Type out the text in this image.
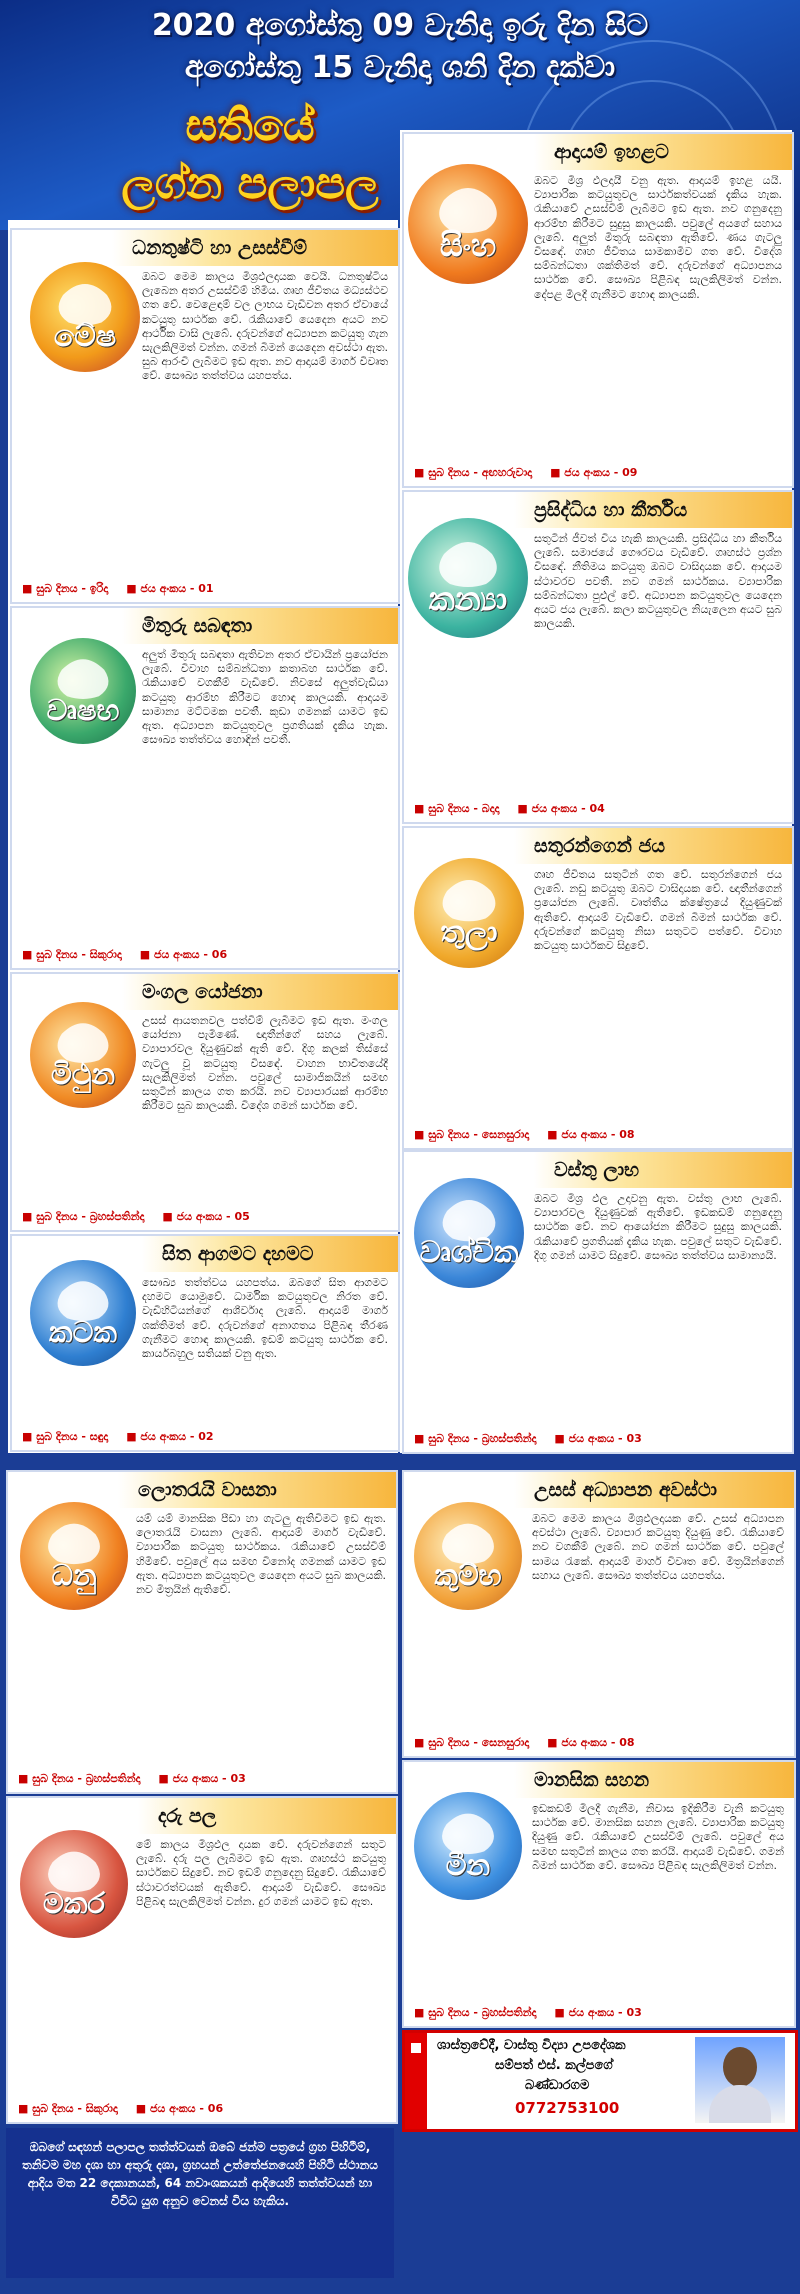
2020 අගෝස්තු 09 වැනිදා ඉරු දින සිට
අගෝස්තු 15 වැනිදා ශනි දින දක්වා
සතියේ
ලග්න පලාපල
ධනතුෂ්ටි හා උසස්වීම්
මේෂ
ඔබට මෙම කාලය මිශ්‍රඵලදායක වෙයි. ධනතුෂ්ටිය ලැබෙන අතර උසස්වීම් හිමිය. ගෘහ ජීවිතය මධ්‍යස්ථව ගත වේ. වෙළෙඳාම් වල ලාභය වැඩිවන අතර ඒවායේ කටයුතු සාර්ථක වේ. රැකියාවේ යෙදෙන අයට නව ආර්ථික වාසි ලැබේ. දරුවන්ගේ අධ්‍යාපන කටයුතු ගැන සැලකිලිමත් වන්න. ගමන් බිමන් යෙදෙන අවස්ථා ඇත. සුබ ආරංචි ලැබීමට ඉඩ ඇත. නව ආදායම් මාර්ග විවෘත වේ. සෞඛ්‍ය තත්ත්වය යහපත්ය.
■ සුබ දිනය - ඉරිදා ■ ජය අංකය - 01
මිතුරු සබඳතා
වෘෂභ
අලුත් මිතුරු සබඳතා ඇතිවන අතර ඒවායින් ප්‍රයෝජන ලැබේ. විවාහ සම්බන්ධතා කතාබහ සාර්ථක වේ. රැකියාවේ වගකීම් වැඩිවේ. නිවසේ අලුත්වැඩියා කටයුතු ආරම්භ කිරීමට හොඳ කාලයකි. ආදායම සාමාන්‍ය මට්ටමක පවතී. කුඩා ගමනක් යාමට ඉඩ ඇත. අධ්‍යාපන කටයුතුවල ප්‍රගතියක් දැකිය හැක. සෞඛ්‍ය තත්ත්වය හොඳින් පවතී.
■ සුබ දිනය - සිකුරාදා ■ ජය අංකය - 06
මංගල යෝජනා
මිථුන
උසස් ආයතනවල පත්වීම් ලැබීමට ඉඩ ඇත. මංගල යෝජනා පැමිණේ. ඥාතීන්ගේ සහය ලැබේ. ව්‍යාපාරවල දියුණුවක් ඇති වේ. දිගු කලක් තිස්සේ ගැටලු වූ කටයුතු විසඳේ. වාහන භාවිතයේදී සැලකිලිමත් වන්න. පවුලේ සාමාජිකයින් සමඟ සතුටින් කාලය ගත කරයි. නව ව්‍යාපාරයක් ආරම්භ කිරීමට සුබ කාලයකි. විදේශ ගමන් සාර්ථක වේ.
■ සුබ දිනය - බ්‍රහස්පතින්දා ■ ජය අංකය - 05
සිත ආගමට දහමට
කටක
සෞඛ්‍ය තත්ත්වය යහපත්ය. ඔබගේ සිත ආගමට දහමට යොමුවේ. ධාර්මික කටයුතුවල නිරත වේ. වැඩිහිටියන්ගේ ආශීර්වාද ලැබේ. ආදායම් මාර්ග ශක්තිමත් වේ. දරුවන්ගේ අනාගතය පිළිබඳ තීරණ ගැනීමට හොඳ කාලයකි. ඉඩම් කටයුතු සාර්ථක වේ. කාර්යබහුල සතියක් වනු ඇත.
■ සුබ දිනය - සඳුදා ■ ජය අංකය - 02
ආදායම් ඉහළට
සිංහ
ඔබට මිශ්‍ර ඵලදායී වනු ඇත. ආදායම් ඉහළ යයි. ව්‍යාපාරික කටයුතුවල සාර්ථකත්වයක් දැකිය හැක. රැකියාවේ උසස්වීම් ලැබීමට ඉඩ ඇත. නව ගනුදෙනු ආරම්භ කිරීමට සුදුසු කාලයකි. පවුලේ අයගේ සහාය ලැබේ. අලුත් මිතුරු සබඳතා ඇතිවේ. ණය ගැටලු විසඳේ. ගෘහ ජීවිතය සාමකාමීව ගත වේ. විදේශ සම්බන්ධතා ශක්තිමත් වේ. දරුවන්ගේ අධ්‍යාපනය සාර්ථක වේ. සෞඛ්‍ය පිළිබඳ සැලකිලිමත් වන්න. දේපළ මිලදී ගැනීමට හොඳ කාලයකි.
■ සුබ දිනය - අඟහරුවාදා ■ ජය අංකය - 09
ප්‍රසිද්ධිය හා කීර්තිය
කන්‍යා
සතුටින් ජීවත් විය හැකි කාලයකි. ප්‍රසිද්ධිය හා කීර්තිය ලැබේ. සමාජයේ ගෞරවය වැඩිවේ. ගෘහස්ථ ප්‍රශ්න විසඳේ. නීතිමය කටයුතු ඔබට වාසිදායක වේ. ආදායම ස්ථාවරව පවතී. නව ගමන් සාර්ථකය. ව්‍යාපාරික සම්බන්ධතා පුළුල් වේ. අධ්‍යාපන කටයුතුවල යෙදෙන අයට ජය ලැබේ. කලා කටයුතුවල නියැලෙන අයට සුබ කාලයකි.
■ සුබ දිනය - බදාදා ■ ජය අංකය - 04
සතුරන්ගෙන් ජය
තුලා
ගෘහ ජීවිතය සතුටින් ගත වේ. සතුරන්ගෙන් ජය ලැබේ. නඩු කටයුතු ඔබට වාසිදායක වේ. ඥාතීන්ගෙන් ප්‍රයෝජන ලැබේ. වෘත්තීය ක්ෂේත්‍රයේ දියුණුවක් ඇතිවේ. ආදායම් වැඩිවේ. ගමන් බිමන් සාර්ථක වේ. දරුවන්ගේ කටයුතු නිසා සතුටට පත්වේ. විවාහ කටයුතු සාර්ථකව සිදුවේ.
■ සුබ දිනය - සෙනසුරාදා ■ ජය අංකය - 08
වස්තු ලාභ
වෘශ්චික
ඔබට මිශ්‍ර ඵල උදාවනු ඇත. වස්තු ලාභ ලැබේ. ව්‍යාපාරවල දියුණුවක් ඇතිවේ. ඉඩකඩම් ගනුදෙනු සාර්ථක වේ. නව ආයෝජන කිරීමට සුදුසු කාලයකි. රැකියාවේ ප්‍රගතියක් දැකිය හැක. පවුලේ සතුට වැඩිවේ. දිගු ගමන් යාමට සිදුවේ. සෞඛ්‍ය තත්ත්වය සාමාන්‍යයි.
■ සුබ දිනය - බ්‍රහස්පතින්දා ■ ජය අංකය - 03
ලොතරැයි වාසනා
ධනු
යම් යම් මානසික පීඩා හා ගැටලු ඇතිවීමට ඉඩ ඇත. ලොතරැයි වාසනා ලැබේ. ආදායම් මාර්ග වැඩිවේ. ව්‍යාපාරික කටයුතු සාර්ථකය. රැකියාවේ උසස්වීම් හිමිවේ. පවුලේ අය සමඟ විනෝද ගමනක් යාමට ඉඩ ඇත. අධ්‍යාපන කටයුතුවල යෙදෙන අයට සුබ කාලයකි. නව මිත්‍රයින් ඇතිවේ.
■ සුබ දිනය - බ්‍රහස්පතින්දා ■ ජය අංකය - 03
දරු පල
මකර
මේ කාලය මිශ්‍රඵල දායක වේ. දරුවන්ගෙන් සතුට ලැබේ. දරු පල ලැබීමට ඉඩ ඇත. ගෘහස්ථ කටයුතු සාර්ථකව සිදුවේ. නව ඉඩම් ගනුදෙනු සිදුවේ. රැකියාවේ ස්ථාවරත්වයක් ඇතිවේ. ආදායම් වැඩිවේ. සෞඛ්‍ය පිළිබඳ සැලකිලිමත් වන්න. දුර ගමන් යාමට ඉඩ ඇත.
■ සුබ දිනය - සිකුරාදා ■ ජය අංකය - 06
උසස් අධ්‍යාපන අවස්ථා
කුම්භ
ඔබට මෙම කාලය මිශ්‍රඵලදායක වේ. උසස් අධ්‍යාපන අවස්ථා ලැබේ. ව්‍යාපාර කටයුතු දියුණු වේ. රැකියාවේ නව වගකීම් ලැබේ. නව ගමන් සාර්ථක වේ. පවුලේ සාමය රැකේ. ආදායම් මාර්ග විවෘත වේ. මිත්‍රයින්ගෙන් සහාය ලැබේ. සෞඛ්‍ය තත්ත්වය යහපත්ය.
■ සුබ දිනය - සෙනසුරාදා ■ ජය අංකය - 08
මානසික සහන
මීන
ඉඩකඩම් මිලදී ගැනීම, නිවාස ඉදිකිරීම වැනි කටයුතු සාර්ථක වේ. මානසික සහන ලැබේ. ව්‍යාපාරික කටයුතු දියුණු වේ. රැකියාවේ උසස්වීම් ලැබේ. පවුලේ අය සමඟ සතුටින් කාලය ගත කරයි. ආදායම් වැඩිවේ. ගමන් බිමන් සාර්ථක වේ. සෞඛ්‍ය පිළිබඳ සැලකිලිමත් වන්න.
■ සුබ දිනය - බ්‍රහස්පතින්දා ■ ජය අංකය - 03
ඔබගේ සඳහන් පලාපල තත්ත්වයන් ඔබේ ජන්ම පත්‍රයේ ග්‍රහ පිහිටීම්, තනිවම මහ දශා හා අතුරු දශා, ග්‍රහයන් උත්තේජනයෙහි පිහිටි ස්ථානය ආදිය මත 22 දෙකානයන්, 64 නවාංශකයන් ආදියෙහි තත්ත්වයන් හා විවිධ යුග අනුව වෙනස් විය හැකිය.
ශාස්ත්‍රවේදී, වාස්තු විද්‍යා උපදේශක
සම්පත් එස්. කල්පගේ
බණ්ඩාරගම
0772753100
